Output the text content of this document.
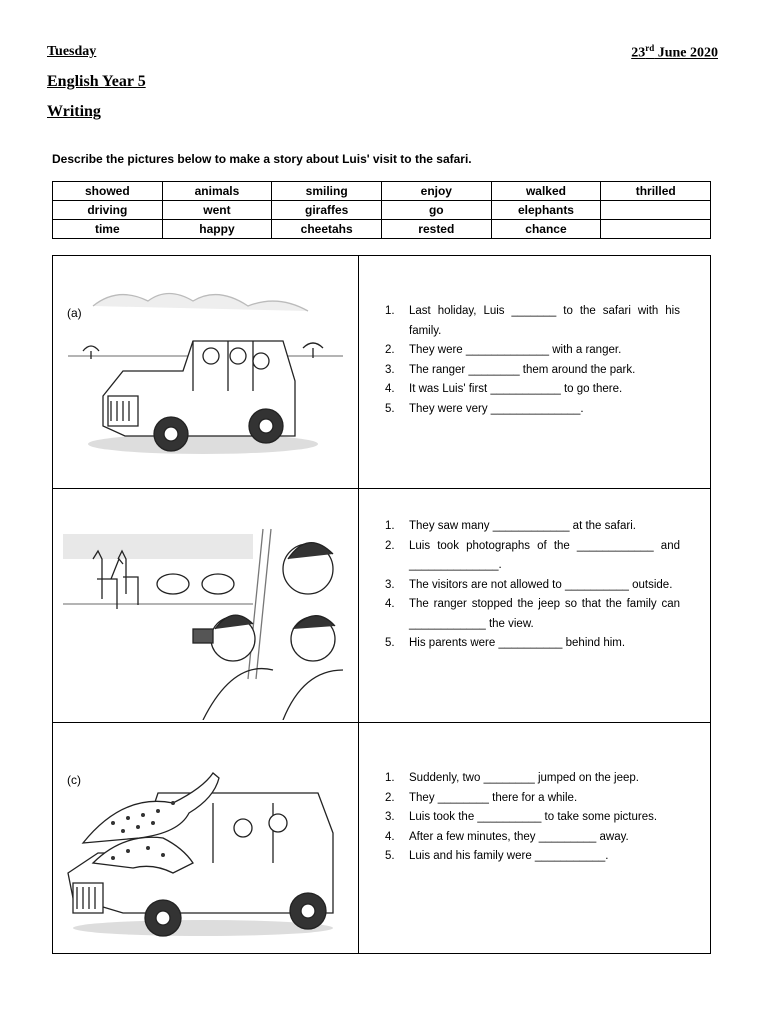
Tuesday	23rd June 2020
English Year 5
Writing
Describe the pictures below to make a story about Luis' visit to the safari.
showed	animals	smiling	enjoy	walked	thrilled
driving	went	giraffes	go	elephants	
time	happy	cheetahs	rested	chance	
(a)	1. Last holiday, Luis _______ to the safari with his family.
2. They were _____________ with a ranger.
3. The ranger ________ them around the park.
4. It was Luis' first ___________ to go there.
5. They were very ______________.
1. They saw many ____________ at the safari.
2. Luis took photographs of the ____________ and ______________.
3. The visitors are not allowed to __________ outside.
4. The ranger stopped the jeep so that the family can ____________ the view.
5. His parents were __________ behind him.
(c)	1. Suddenly, two ________ jumped on the jeep.
2. They ________ there for a while.
3. Luis took the __________ to take some pictures.
4. After a few minutes, they _________ away.
5. Luis and his family were ___________.
